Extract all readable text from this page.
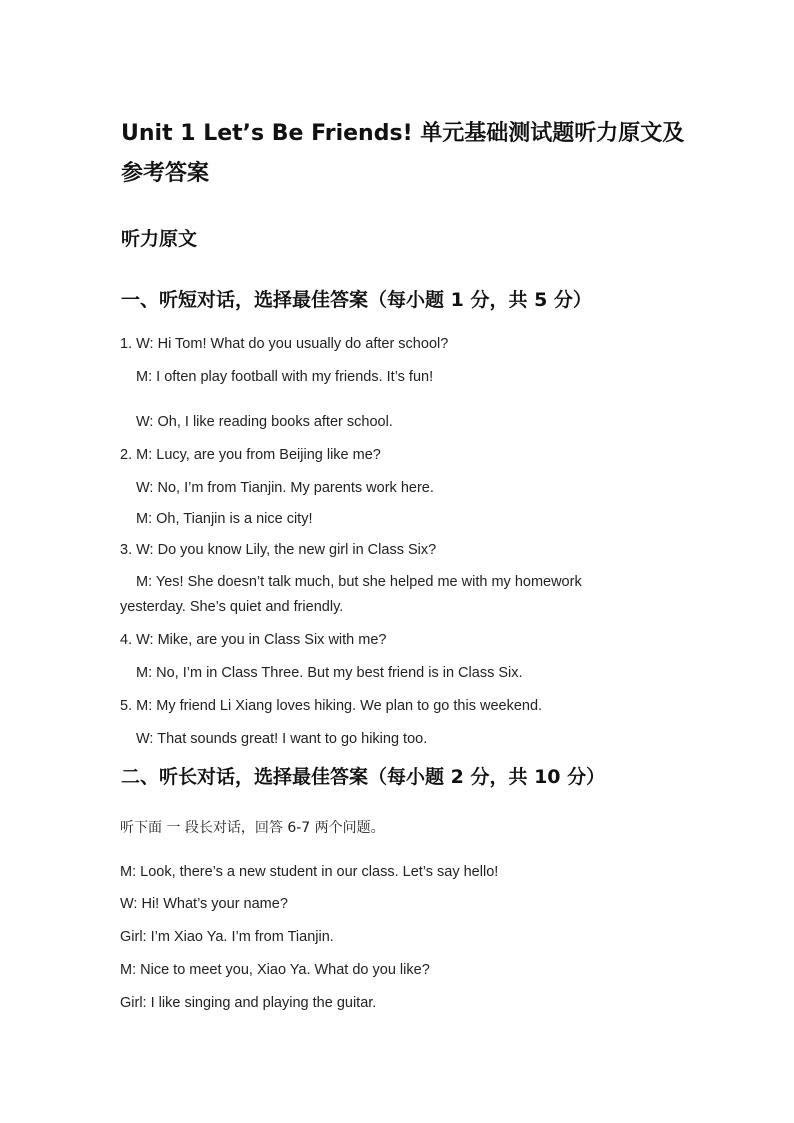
Unit 1 Let’s Be Friends! 单元基础测试题听力原文及参考答案
听力原文
一、听短对话，选择最佳答案（每小题 1 分，共 5 分）

1. W: Hi Tom! What do you usually do after school?

M: I often play football with my friends. It’s fun!

W: Oh, I like reading books after school.

2. M: Lucy, are you from Beijing like me?

W: No, I’m from Tianjin. My parents work here.

M: Oh, Tianjin is a nice city!

3. W: Do you know Lily, the new girl in Class Six?

M: Yes! She doesn’t talk much, but she helped me with my homework yesterday. She’s quiet and friendly.

4. W: Mike, are you in Class Six with me?

M: No, I’m in Class Three. But my best friend is in Class Six.

5. M: My friend Li Xiang loves hiking. We plan to go this weekend.

W: That sounds great! I want to go hiking too.

二、听长对话，选择最佳答案（每小题 2 分，共 10 分）

听下面 一 段长对话，回答 6-7 两个问题。

M: Look, there’s a new student in our class. Let’s say hello!

W: Hi! What’s your name?

Girl: I’m Xiao Ya. I’m from Tianjin.

M: Nice to meet you, Xiao Ya. What do you like?

Girl: I like singing and playing the guitar.
